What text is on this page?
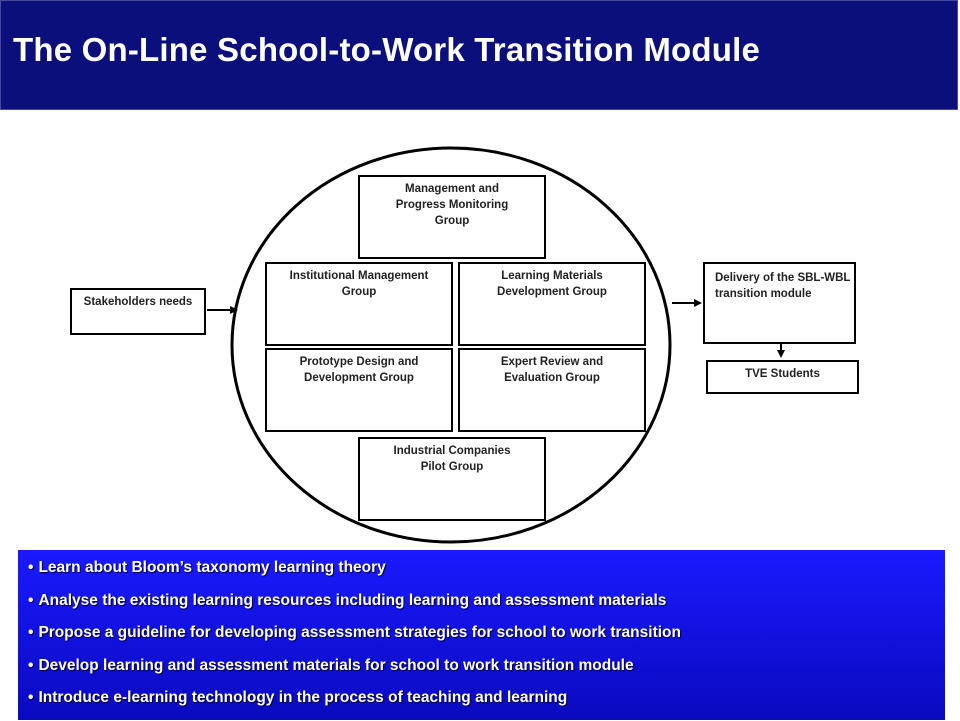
The On-Line School-to-Work Transition Module
Stakeholders needs
Management and Progress Monitoring Group
Institutional Management Group
Learning Materials Development Group
Prototype Design and Development Group
Expert Review and Evaluation Group
Industrial Companies Pilot Group
Delivery of the SBL-WBL transition module
TVE Students
• Learn about Bloom’s taxonomy learning theory
• Analyse the existing learning resources including learning and assessment materials
• Propose a guideline for developing assessment strategies for school to work transition
• Develop learning and assessment materials for school to work transition module
• Introduce e-learning technology in the process of teaching and learning
